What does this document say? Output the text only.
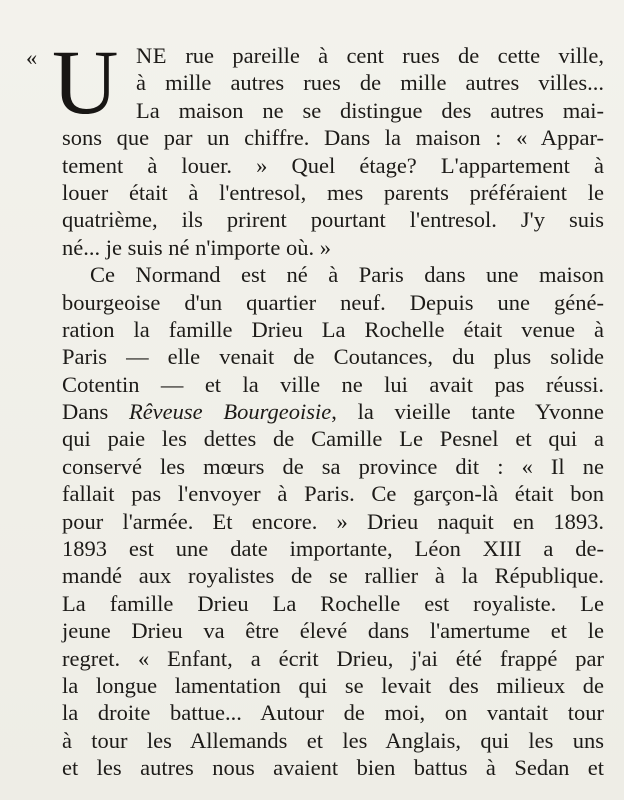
« U NE rue pareille à cent rues de cette ville,
à mille autres rues de mille autres villes...
La maison ne se distingue des autres mai-
sons que par un chiffre. Dans la maison : « Appar-
tement à louer. » Quel étage? L'appartement à
louer était à l'entresol, mes parents préféraient le
quatrième, ils prirent pourtant l'entresol. J'y suis
né... je suis né n'importe où. »
Ce Normand est né à Paris dans une maison
bourgeoise d'un quartier neuf. Depuis une géné-
ration la famille Drieu La Rochelle était venue à
Paris — elle venait de Coutances, du plus solide
Cotentin — et la ville ne lui avait pas réussi.
Dans Rêveuse Bourgeoisie, la vieille tante Yvonne
qui paie les dettes de Camille Le Pesnel et qui a
conservé les mœurs de sa province dit : « Il ne
fallait pas l'envoyer à Paris. Ce garçon-là était bon
pour l'armée. Et encore. » Drieu naquit en 1893.
1893 est une date importante, Léon XIII a de-
mandé aux royalistes de se rallier à la République.
La famille Drieu La Rochelle est royaliste. Le
jeune Drieu va être élevé dans l'amertume et le
regret. « Enfant, a écrit Drieu, j'ai été frappé par
la longue lamentation qui se levait des milieux de
la droite battue... Autour de moi, on vantait tour
à tour les Allemands et les Anglais, qui les uns
et les autres nous avaient bien battus à Sedan et
